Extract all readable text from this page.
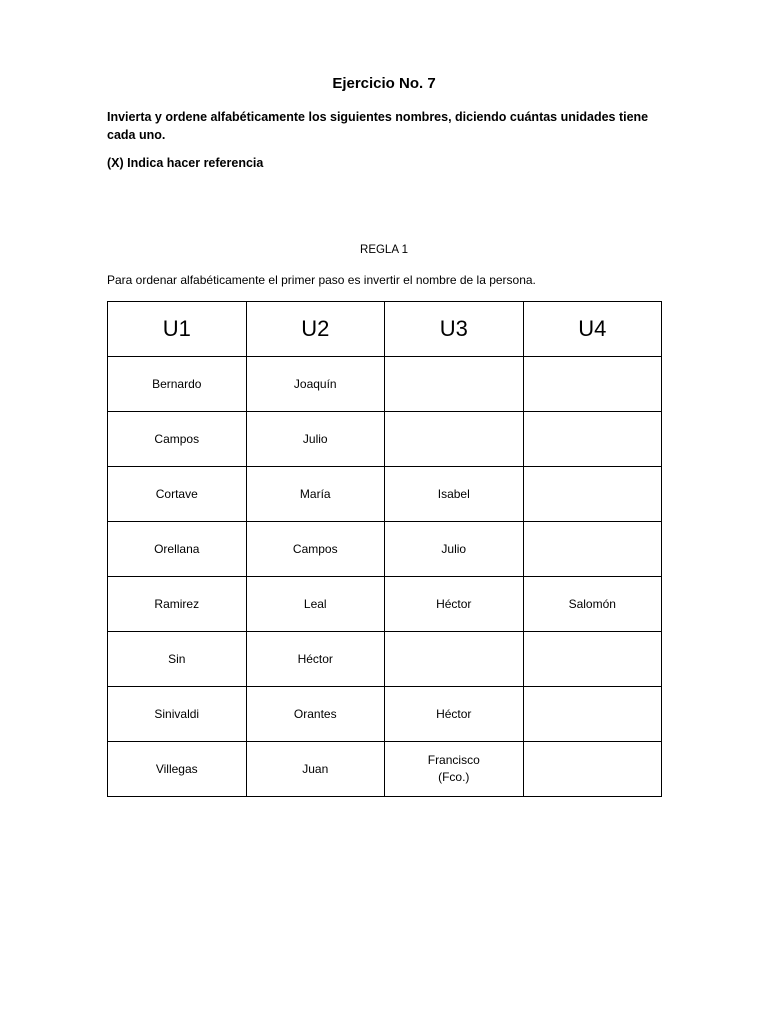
Ejercicio No. 7
Invierta y ordene alfabéticamente los siguientes nombres, diciendo cuántas unidades tiene cada uno.
(X) Indica hacer referencia
REGLA 1
Para ordenar alfabéticamente el primer paso es invertir el nombre de la persona.
U1	U2	U3	U4

Bernardo	Joaquín		

Campos	Julio		

Cortave	María	Isabel	

Orellana	Campos	Julio	

Ramirez	Leal	Héctor	Salomón

Sin	Héctor		

Sinivaldi	Orantes	Héctor	

Villegas	Juan	Francisco
(Fco.)	
